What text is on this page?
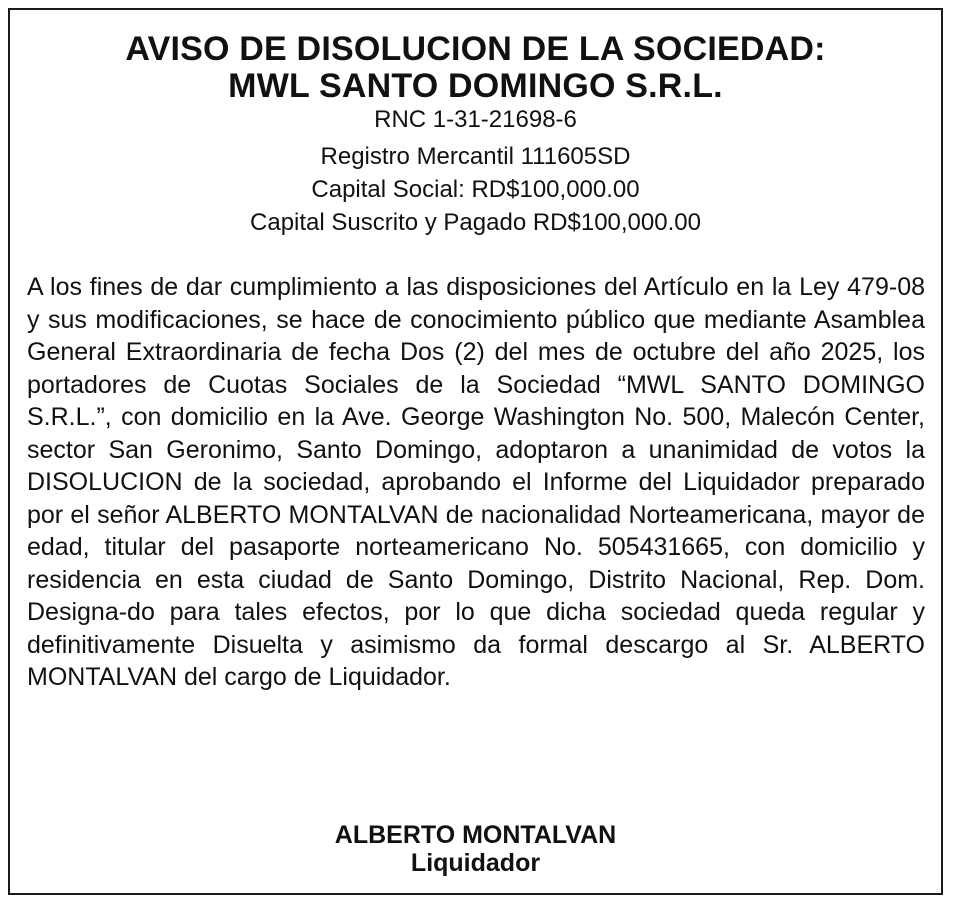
AVISO DE DISOLUCION DE LA SOCIEDAD:
MWL SANTO DOMINGO S.R.L.
RNC 1-31-21698-6
Registro Mercantil 111605SD
Capital Social: RD$100,000.00
Capital Suscrito y Pagado RD$100,000.00

A los fines de dar cumplimiento a las disposiciones del Artículo en la Ley 479-08 y sus modificaciones, se hace de conocimiento público que mediante Asamblea General Extraordinaria de fecha Dos (2) del mes de octubre del año 2025, los portadores de Cuotas Sociales de la Sociedad “MWL SANTO DOMINGO S.R.L.”, con domicilio en la Ave. George Washington No. 500, Malecón Center, sector San Geronimo, Santo Domingo, adoptaron a unanimidad de votos la DISOLUCION de la sociedad, aprobando el Informe del Liquidador preparado por el señor ALBERTO MONTALVAN de nacionalidad Norteamericana, mayor de edad, titular del pasaporte norteamericano No. 505431665, con domicilio y residencia en esta ciudad de Santo Domingo, Distrito Nacional, Rep. Dom. Designa-do para tales efectos, por lo que dicha sociedad queda regular y definitivamente Disuelta y asimismo da formal descargo al Sr. ALBERTO MONTALVAN del cargo de Liquidador.

ALBERTO MONTALVAN
Liquidador
